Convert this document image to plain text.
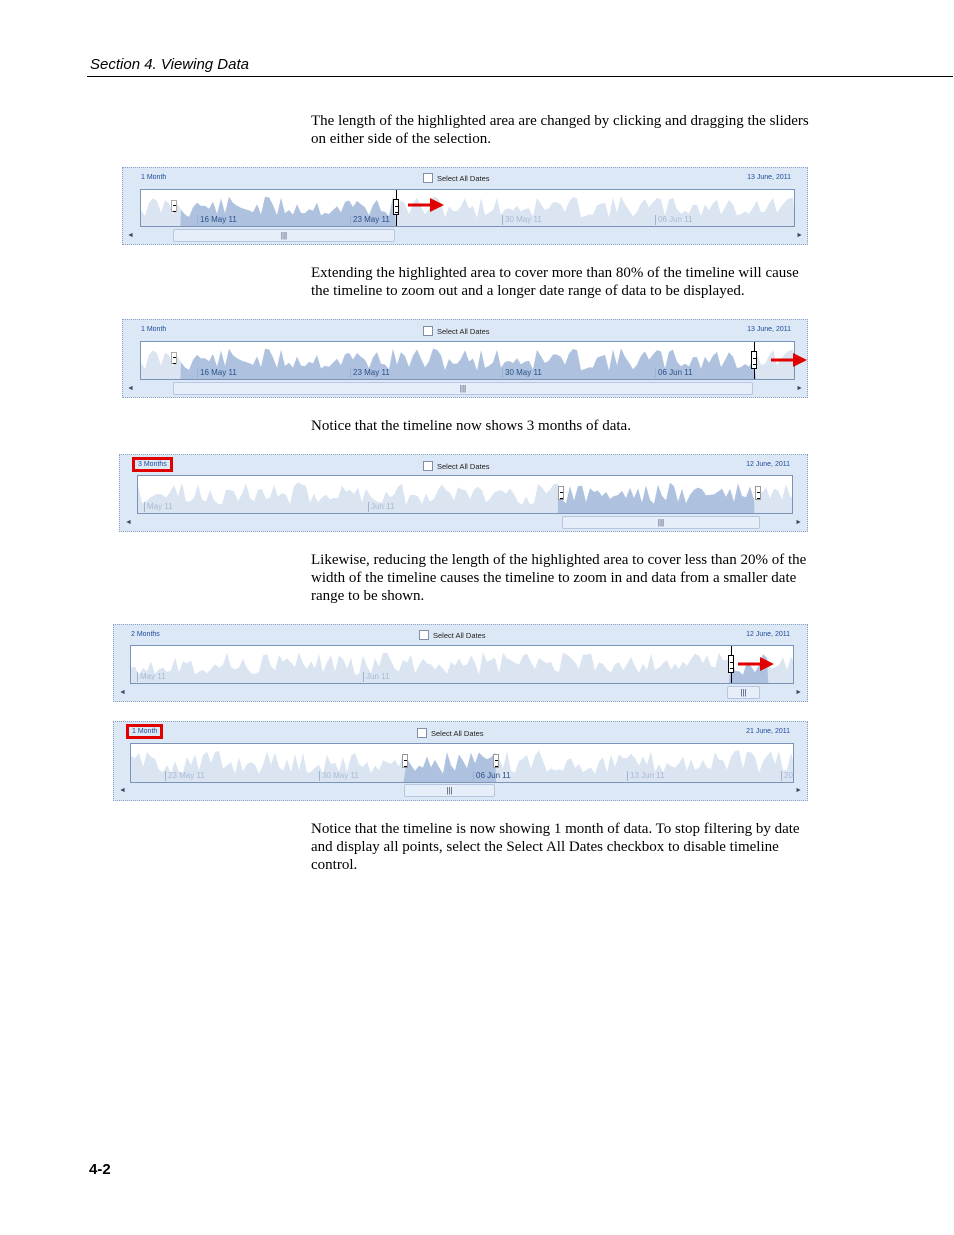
Section 4. Viewing Data

The length of the highlighted area are changed by clicking and dragging the sliders on either side of the selection.

1 Month	Select All Dates	13 June, 2011
16 May 11	23 May 11	30 May 11	06 Jun 11
◄	|||	►

Extending the highlighted area to cover more than 80% of the timeline will cause the timeline to zoom out and a longer date range of data to be displayed.

1 Month	Select All Dates	13 June, 2011
16 May 11	23 May 11	30 May 11	06 Jun 11
◄	|||	►

Notice that the timeline now shows 3 months of data.

3 Months	Select All Dates	12 June, 2011
May 11	Jun 11
◄	|||	►

Likewise, reducing the length of the highlighted area to cover less than 20% of the width of the timeline causes the timeline to zoom in and data from a smaller date range to be shown.

2 Months	Select All Dates	12 June, 2011
May 11	Jun 11
◄	|||	►
1 Month	Select All Dates	21 June, 2011
23 May 11	30 May 11	06 Jun 11	13 Jun 11	20
◄	|||	►

Notice that the timeline is now showing 1 month of data. To stop filtering by date and display all points, select the Select All Dates checkbox to disable timeline control.

4-2
